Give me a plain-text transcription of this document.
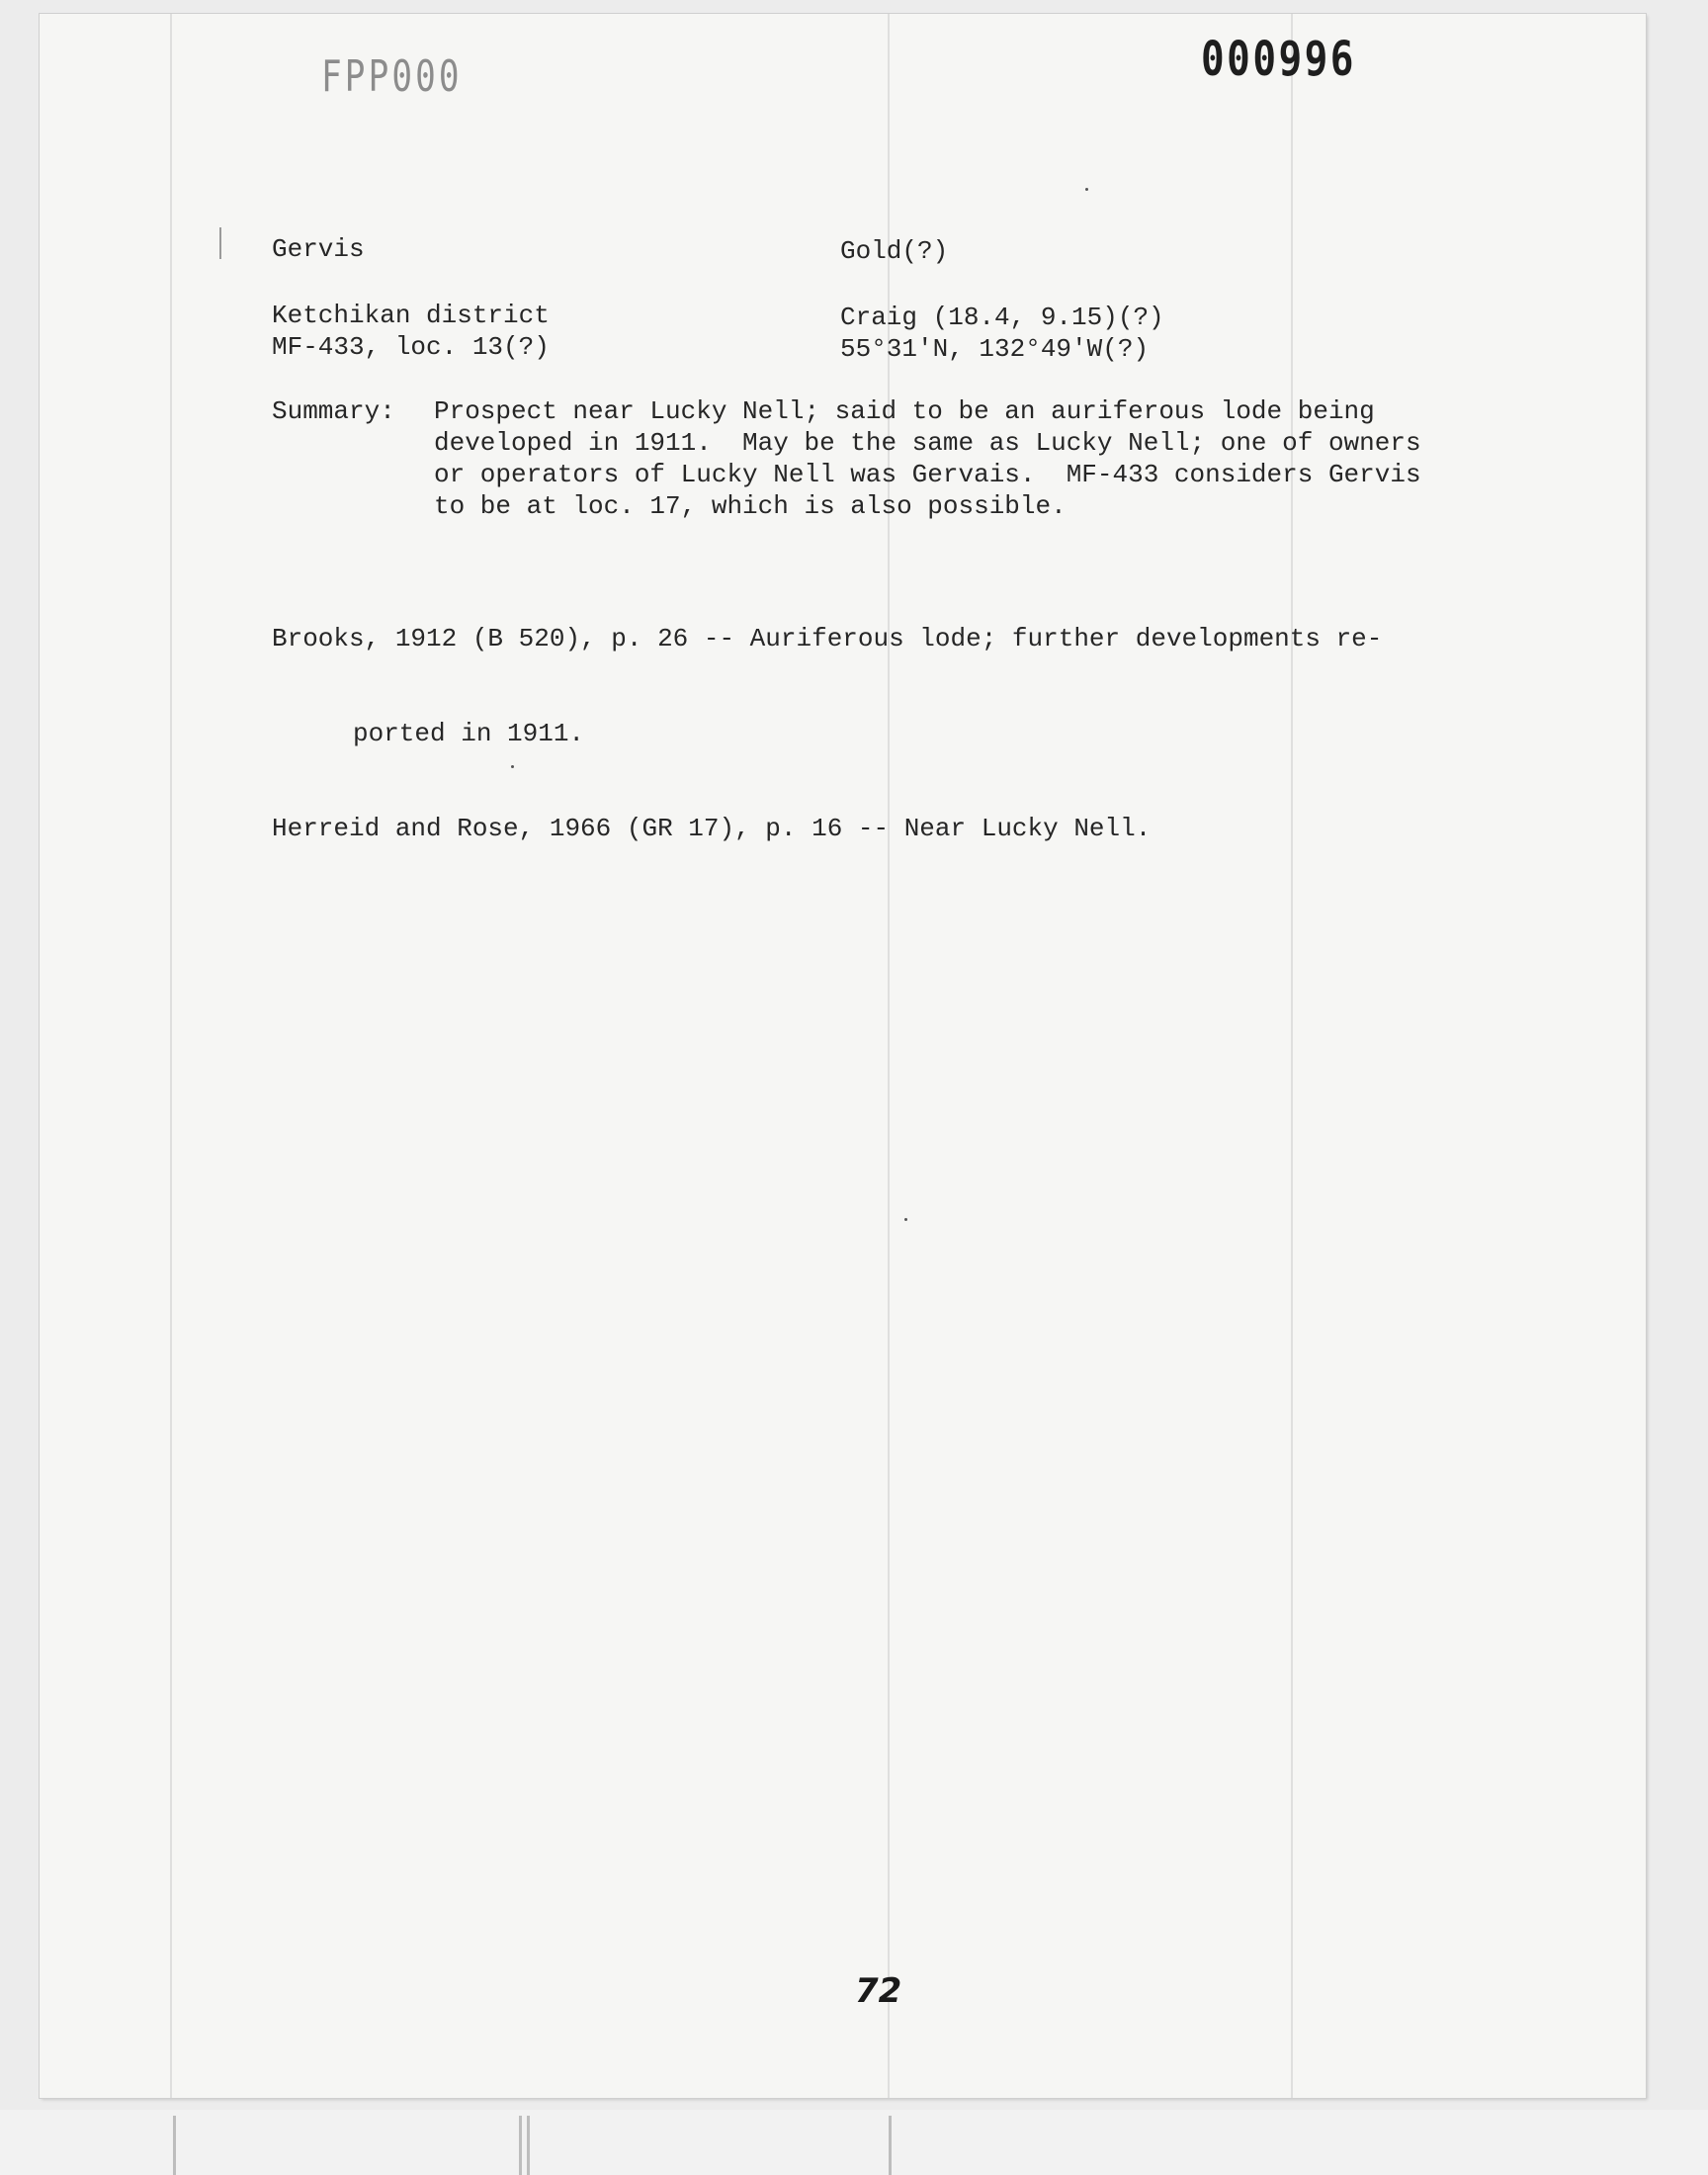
FPP000	000996
Gervis	Gold(?)
Ketchikan district
MF-433, loc. 13(?)
Craig (18.4, 9.15)(?)
55°31'N, 132°49'W(?)
Summary: Prospect near Lucky Nell; said to be an auriferous lode being
developed in 1911.  May be the same as Lucky Nell; one of owners
or operators of Lucky Nell was Gervais.  MF-433 considers Gervis
to be at loc. 17, which is also possible.

Brooks, 1912 (B 520), p. 26 -- Auriferous lode; further developments re-

ported in 1911.

Herreid and Rose, 1966 (GR 17), p. 16 -- Near Lucky Nell.

72
